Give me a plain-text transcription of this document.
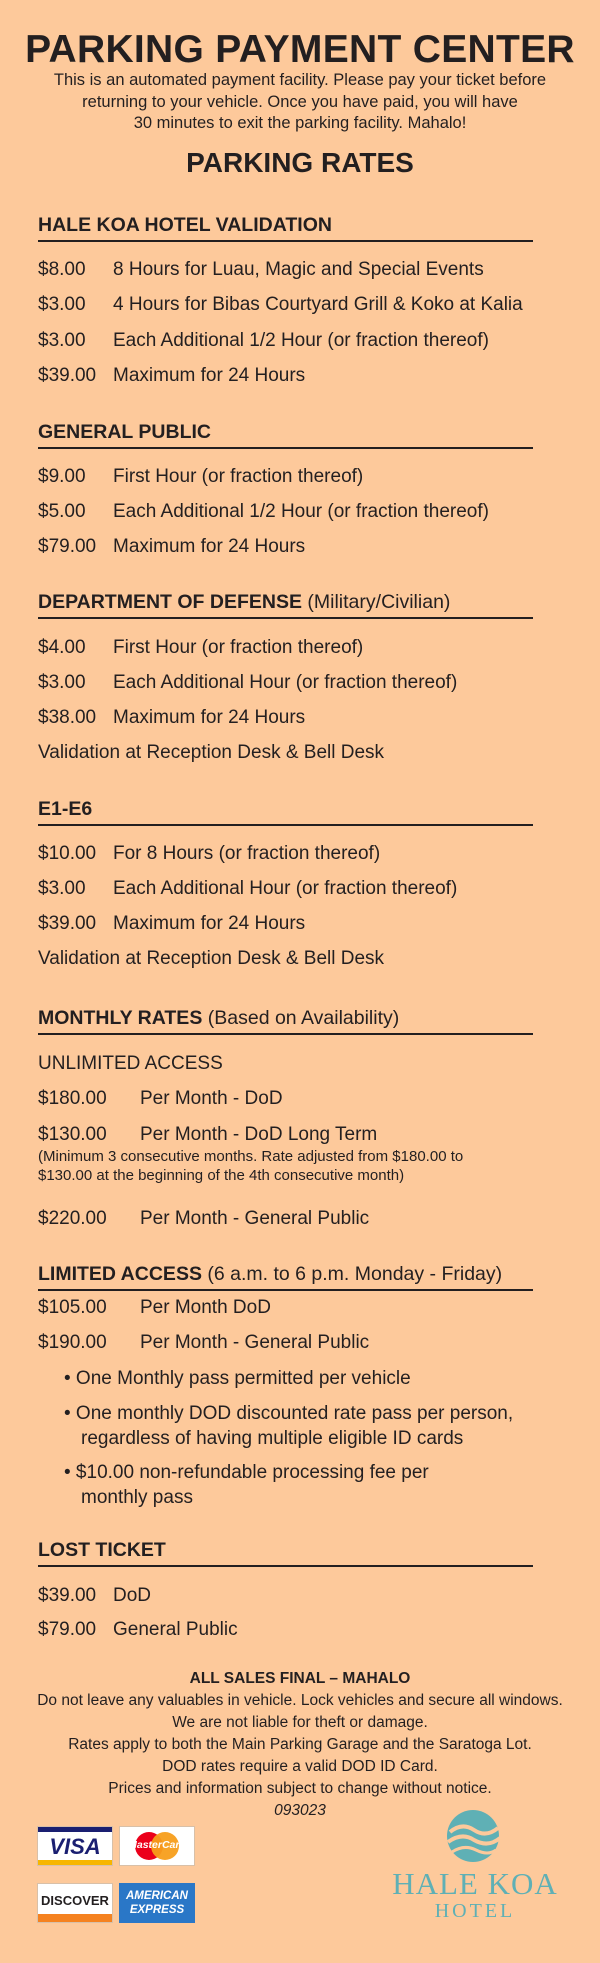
PARKING PAYMENT CENTER
This is an automated payment facility. Please pay your ticket before
returning to your vehicle. Once you have paid, you will have
30 minutes to exit the parking facility. Mahalo!
PARKING RATES
HALE KOA HOTEL VALIDATION
$8.00 8 Hours for Luau, Magic and Special Events
$3.00 4 Hours for Bibas Courtyard Grill & Koko at Kalia
$3.00 Each Additional 1/2 Hour (or fraction thereof)
$39.00 Maximum for 24 Hours
GENERAL PUBLIC
$9.00 First Hour (or fraction thereof)
$5.00 Each Additional 1/2 Hour (or fraction thereof)
$79.00 Maximum for 24 Hours
DEPARTMENT OF DEFENSE (Military/Civilian)
$4.00 First Hour (or fraction thereof)
$3.00 Each Additional Hour (or fraction thereof)
$38.00 Maximum for 24 Hours
Validation at Reception Desk & Bell Desk
E1-E6
$10.00 For 8 Hours (or fraction thereof)
$3.00 Each Additional Hour (or fraction thereof)
$39.00 Maximum for 24 Hours
Validation at Reception Desk & Bell Desk
MONTHLY RATES (Based on Availability)
UNLIMITED ACCESS
$180.00 Per Month - DoD
$130.00 Per Month - DoD Long Term
(Minimum 3 consecutive months. Rate adjusted from $180.00 to
$130.00 at the beginning of the 4th consecutive month)
$220.00 Per Month - General Public
LIMITED ACCESS (6 a.m. to 6 p.m. Monday - Friday)
$105.00 Per Month DoD
$190.00 Per Month - General Public
• One Monthly pass permitted per vehicle
• One monthly DOD discounted rate pass per person,
regardless of having multiple eligible ID cards
• $10.00 non-refundable processing fee per
monthly pass
LOST TICKET
$39.00 DoD
$79.00 General Public
ALL SALES FINAL – MAHALO
Do not leave any valuables in vehicle. Lock vehicles and secure all windows.
We are not liable for theft or damage.
Rates apply to both the Main Parking Garage and the Saratoga Lot.
DOD rates require a valid DOD ID Card.
Prices and information subject to change without notice.
093023
VISA	MasterCard
DISCOVER	AMERICAN
EXPRESS
HALE KOA
HOTEL
